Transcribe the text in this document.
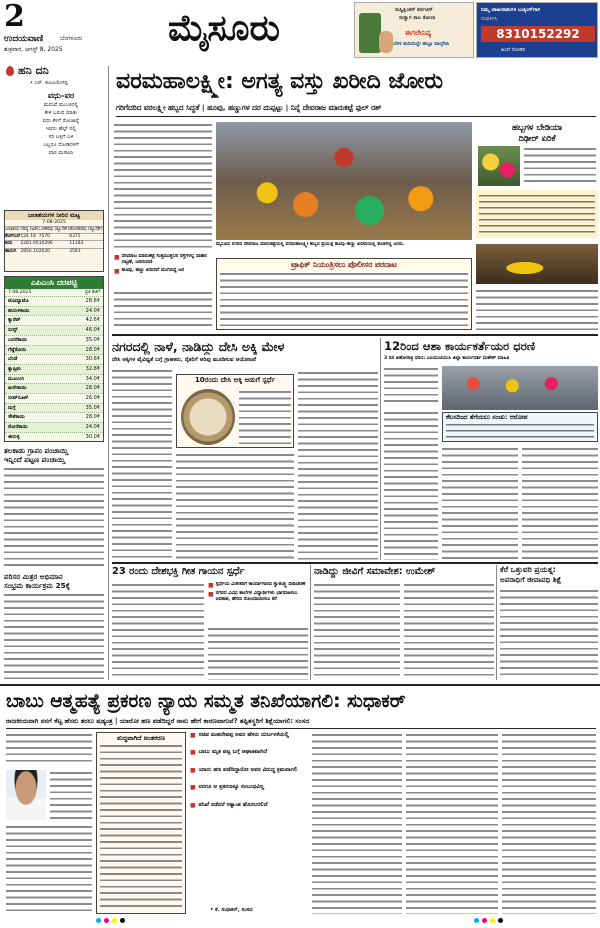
2
ಉದಯವಾಣಿ	ಬೆಂಗಳೂರು
ಶುಕ್ರವಾರ, ಆಗಸ್ಟ್ 8, 2025
ಮೈಸೂರು	ಸುಸ್ವಿಕ್ಷಿಂಕರ್‌ ಕರ್ನಟಿಗ್
ಸುಸ್ವಾಗ ಕಾಲ ಕೋಲಾ
ಈಗಲೇನಿವ್ಯ
ಬೆರಳ ತುದಿಯಲ್ಲೇ ಹಲ್ಲೂ ವಾಲ್ಕ್‌ವಾ
ನಿಮ್ಮ ಜಾಹೀರಾತುಗಳ ಬುಕ್ಕಿಂಗ್‌ಗಾಗಿ
ಸಂಪರ್ಕಿಸಿ
8310152292
ಹಿಂದೆ ನೋಡಿರಿ
ಹನಿ ದನಿ
• ಎಸ್. ಕುಂಟುಲಿಂಗಪ್ಪ
ವಧು–ವರ
ಮದುವೆ ಮುಂಚಿನಲ್ಲಿ
ಕೇಳಿ ಬರುವ ಮಾತು
ವಧು ಕೆಳಗೆ ರೋಜಾನ್ನೆ
ಇವನು ಹೆಲ್ಪ್‌ ನಲ್ಲಿ
ಸರಿ ಬಳ್ಳಿಗೆ ಬಳಿ
ಎಲ್ಲರೂ ನೋಡಿದಳಿಗೆ
ವಾರ ಮಸಾಲಾ
ಜಲಾಶಯಗಳ ನೀರಿನ ಮಟ್ಟ
7-08-2025
ಜಲಾಶಯ	ಗರಿಷ್ಠ (ಅಡಿ)	ಒಳಹರಿವು (ಕ್ಯೂಸೆಕ್)	ಹೊರಹರಿವು (ಕ್ಯೂಸೆಕ್)
ಕೆಆರ್‌ಎಸ್	124.18	7570	6375
ಕಬಿನಿ	2281.95	10296	11183
ಹಾರಂಗಿ	2856.10	2020	2583
ಎಪಿಎಂಸಿ ದರಪಟ್ಟಿ
7.08.2025	ಪ್ರತಿ ಕೆಜಿಗೆ
ಟೊಮ್ಯಾಟೊ	28.6₹
ಹುರುಳಿಕಾಯಿ	24.0₹
ಕ್ಯಾರೆಟ್	42.6₹
ಬೀನ್ಸ್	46.0₹
ಬದನೆಕಾಯಿ	35.0₹
ಗೆಡ್ಡೆಕೋಸು	28.0₹
ಬೆಂಡೆ	30.6₹
ಕ್ಯಾಪ್ಸಿಕಂ	32.8₹
ಮೂಲಂಗಿ	34.0₹
ಹೀರೇಕಾಯಿ	28.0₹
ಬೀಟ್‌ರೂಟ್	26.0₹
ನುಗ್ಗೆ	35.0₹
ಸೌತೆಕಾಯಿ	28.0₹
ಸೋರೆಕಾಯಿ	24.0₹
ಈರುಳ್ಳಿ	30.0₹
ತಲಕಾಡು ಗ್ರಾಪಂ ಪಂಚಾಯ್ತಿ
ಇನ್ನಿಂದೆ ಪಟ್ಟಣ ಪಂಚಾಯ್ತಿ
ಪರಿಸರ ಮಿತ್ರರ ಅಭಿಮಾನ
ಸಂಭ್ರಮ ಕಾರ್ಯಕ್ರಮ 25ಕ್ಕೆ
ವರಮಹಾಲಕ್ಷ್ಮೀ: ಅಗತ್ಯ ವಸ್ತು ಖರೀದಿ ಜೋರು
ಗರಿಗೆದರಿದ ವರಲಕ್ಷ್ಮೀ ಹಬ್ಬದ ಸಿದ್ಧತೆ | ಹೂವು, ಹಣ್ಣುಗಳ ದರ ದುಪ್ಪಟ್ಟು | ನಿನ್ನೆ ದೇವರಾಜ ಮಾರುಕಟ್ಟೆ ಫುಲ್ ರಶ್
ಮೈಸೂರು ನಗರದ ದೇವರಾಜ ಮಾರುಕಟ್ಟೆಯಲ್ಲಿ ವರಮಹಾಲಕ್ಷ್ಮೀ ಹಬ್ಬದ ಪ್ರಯುಕ್ತ ಹೂವು–ಹಣ್ಣು ಖರೀದಿಯಲ್ಲಿ ತೊಡಗಿದ್ದ ಜನರು.
ಹಬ್ಬಗಳ ಬೇಡಿಯಾ
ದಿಢೀರ್ ಏರಿಕೆ
■ ದೇವರಾಜ ಮಾರುಕಟ್ಟೆ ಸುತ್ತಮುತ್ತಲಿನ ರಸ್ತೆಗಳಲ್ಲಿ ವಾಹನ ದಟ್ಟಣೆ, ಜನಸಂದಣಿ
■ ಹೂವು, ಹಣ್ಣು ಖರೀದಿಗೆ ಮುಗಿಬಿದ್ದ ಜನ
ಟ್ರಾಫಿಕ್ ನಿಯಂತ್ರಿಸಲು ಪೊಲೀಸರ ಪರದಾಟ
ನಗರದಲ್ಲಿ ನಾಳೆ, ನಾಡಿದ್ದು ದೇಸಿ ಅಕ್ಕಿ ಮೇಳ
ದೇಸಿ ಅಕ್ಕಿಗಳ ವೈವಿಧ್ಯತೆ ಬಗ್ಗೆ ಗ್ರಾಹಕರು, ರೈತರಿಗೆ ಅರಿವು ಮೂಡಿಸುವ ಆಯೋಜನೆ
10ರಂದು ದೇಸಿ ಅಕ್ಕಿ ಅಡುಗೆ ಸ್ಪರ್ಧೆ
12ರಿಂದ ಆಶಾ ಕಾರ್ಯಕರ್ತೆಯರ ಧರಣಿ
3 ದಿನ ಅಹೋರಾತ್ರಿ ಧರಣಿ: ಎಐಯುಟಿಯುಸಿ ಜಿಲ್ಲಾ ಕಾರ್ಯದರ್ಶಿ ಮಹೇಶ್ ಮಾಹಿತಿ
ಕೆಲಸದಿಂದ ತೆಗೆಯಲು ಸಂಚು: ಆರೋಪ
23 ರಂದು ದೇಶಭಕ್ತಿ ಗೀತ ಗಾಯನ ಸ್ಪರ್ಧೆ
■ ಸ್ಪರ್ಧೆಯ ವಿಜೇತರಿಗೆ ಕಾರ್ಯಾಗಾರದ ಸ್ವಾತಂತ್ರ್ಯ ದಿನಾಚರಣೆ
■ ನಗರದ ವಿವಿಧ ಶಾಲೆಗಳ ವಿದ್ಯಾರ್ಥಿಗಳು ಭಾಗವಹಿಸಲು ಅವಕಾಶ, ಹೆಸರು ನೋಂದಾಯಿಸಲು ಕರೆ
ನಾಡಿದ್ದು ಜೀವಿಗೆ ಸಮಾವೇಶ: ಉಮೇಶ್	ಕೆರೆ ಒತ್ತುವರಿ ಪ್ರಯತ್ನ:
ಅಪರಾಧಿಗೆ ಜೀವಾವಧಿ ಶಿಕ್ಷೆ
ಬಾಬು ಆತ್ಮಹತ್ಯೆ ಪ್ರಕರಣ ನ್ಯಾಯ ಸಮ್ಮತ ತನಿಖೆಯಾಗಲಿ: ಸುಧಾಕರ್
ರಾಜಕೀಯವಾಗಿ ನನಗೆ ಕೆಟ್ಟ ಹೆಸರು ತರಲು ಷಡ್ಯಂತ್ರ | ಯಾರೋ ಹಣ ಪಡೆದಿದ್ದರೆ ನಾನು ಹೇಗೆ ಕಾರಣವಾಗುವೆ? ತಪ್ಪಿತಸ್ಥರಿಗೆ ಶಿಕ್ಷೆಯಾಗಲಿ: ಸಂಸದ
ಶುದ್ಧವಾಗಿದೆ ಅಂತಕರಣ	■ ಸಚಿವ ಮಹದೇವಪ್ಪ ಅವರ ಹೆಸರು ದುರ್ಬಳಕೆಯಲ್ಲಿ
■ ಬಾಬು ಮೃತ ಪಟ್ಟ ಬಗ್ಗೆ ಆಘಾತವಾಗಿದೆ
■ ಯಾರು ಹಣ ಪಡೆದಿದ್ದಾರೋ ಅವರ ವಿರುದ್ಧ ಕ್ರಮವಾಗಲಿ
■ ನನಗೂ ಆ ಪ್ರಕರಣಕ್ಕೂ ಸಂಬಂಧವಿಲ್ಲ
■ ತನಿಖೆ ನಡೆದರೆ ಸತ್ಯಾಂಶ ಹೊರಬರಲಿದೆ
• ಕೆ. ಸುಧಾಕರ್, ಸಂಸದ
